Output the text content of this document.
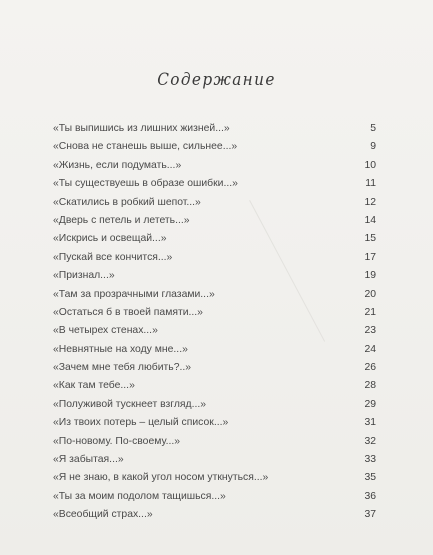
Содержание
«Ты выпишись из лишних жизней...»	5
«Снова не станешь выше, сильнее...»	9
«Жизнь, если подумать...»	10
«Ты существуешь в образе ошибки...»	11
«Скатились в робкий шепот...»	12
«Дверь с петель и лететь...»	14
«Искрись и освещай...»	15
«Пускай все кончится...»	17
«Признал...»	19
«Там за прозрачными глазами...»	20
«Остаться б в твоей памяти...»	21
«В четырех стенах...»	23
«Невнятные на ходу мне...»	24
«Зачем мне тебя любить?..»	26
«Как там тебе...»	28
«Полуживой тускнеет взгляд...»	29
«Из твоих потерь – целый список...»	31
«По-новому. По-своему...»	32
«Я забытая...»	33
«Я не знаю, в какой угол носом уткнуться...»	35
«Ты за моим подолом тащишься...»	36
«Всеобщий страх...»	37
